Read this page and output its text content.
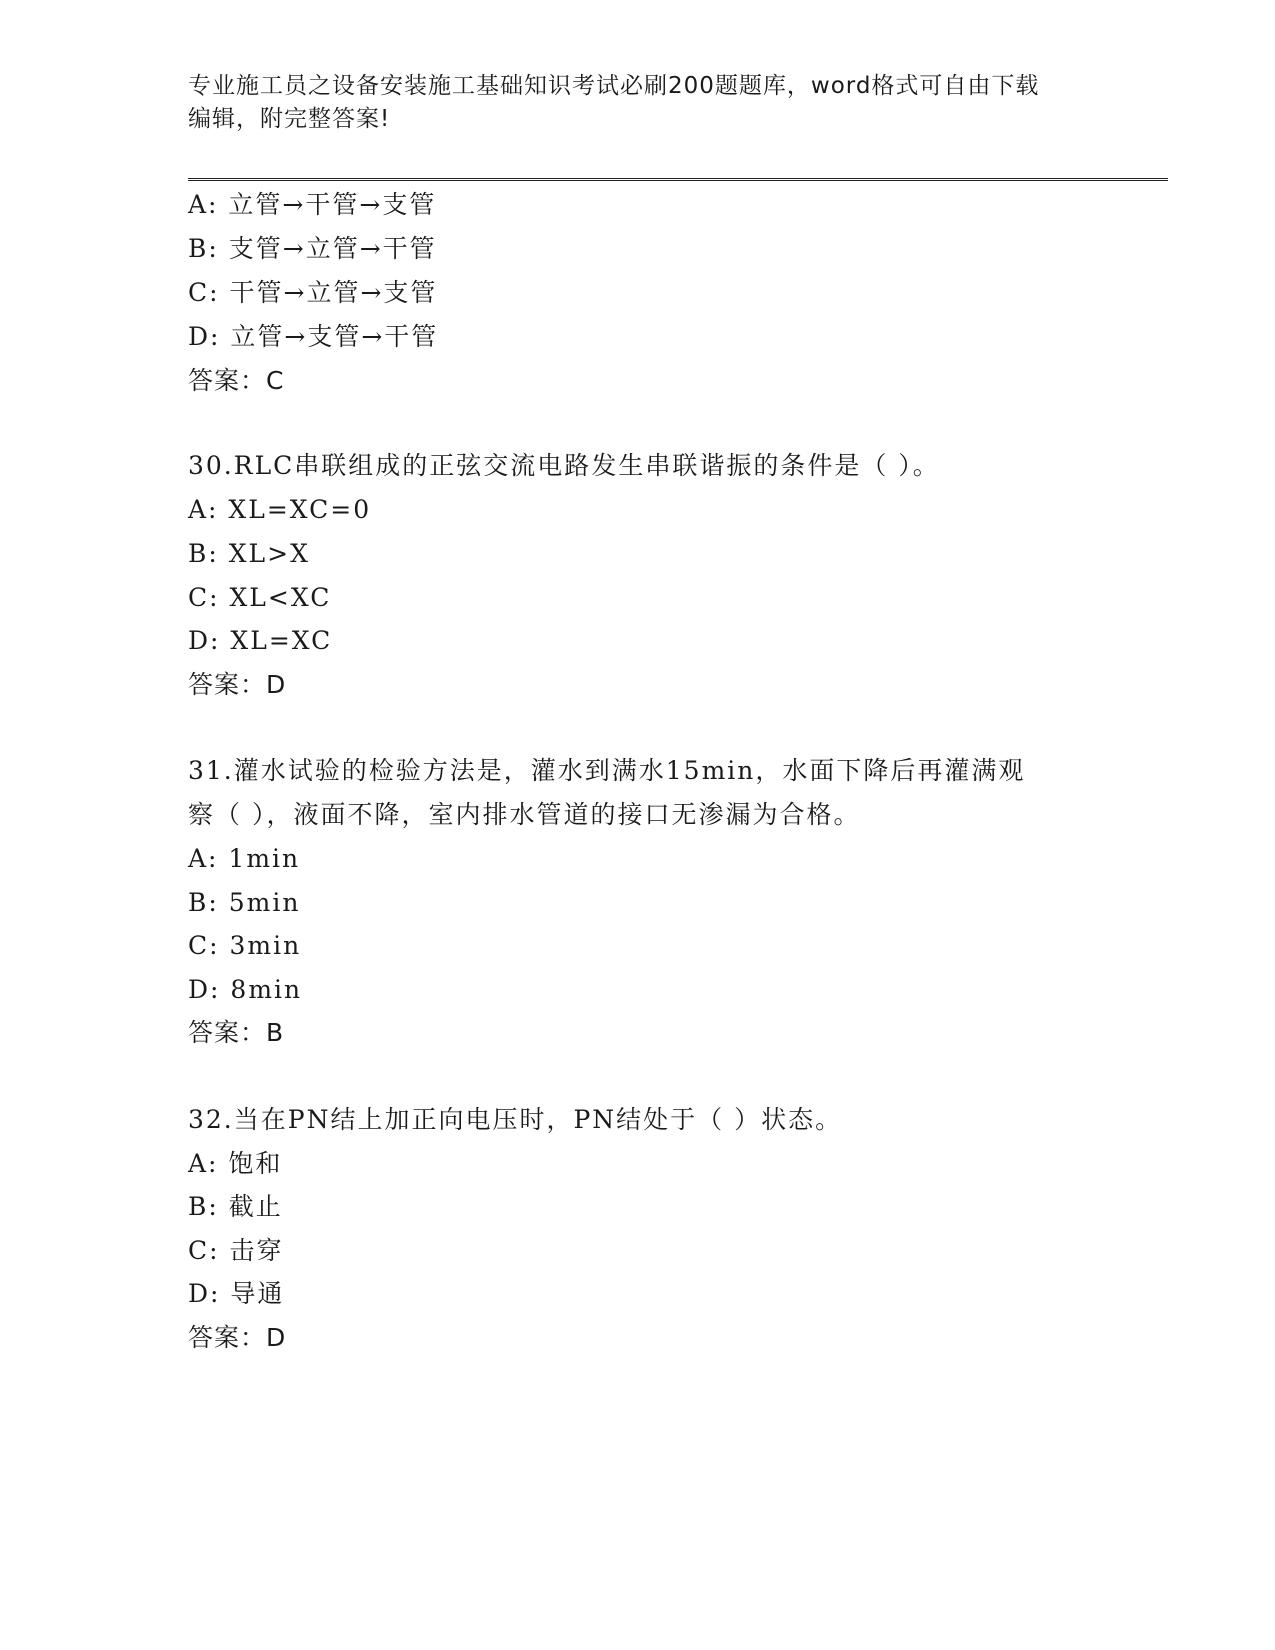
专业施工员之设备安装施工基础知识考试必刷200题题库，word格式可自由下载
编辑，附完整答案!
A: 立管→干管→支管
B: 支管→立管→干管
C: 干管→立管→支管
D: 立管→支管→干管
答案：C
30.RLC串联组成的正弦交流电路发生串联谐振的条件是（ ）。
A: XL=XC=0
B: XL>X
C: XL<XC
D: XL=XC
答案：D
31.灌水试验的检验方法是，灌水到满水15min，水面下降后再灌满观
察（ ），液面不降，室内排水管道的接口无渗漏为合格。
A: 1min
B: 5min
C: 3min
D: 8min
答案：B
32.当在PN结上加正向电压时，PN结处于（ ）状态。
A: 饱和
B: 截止
C: 击穿
D: 导通
答案：D
